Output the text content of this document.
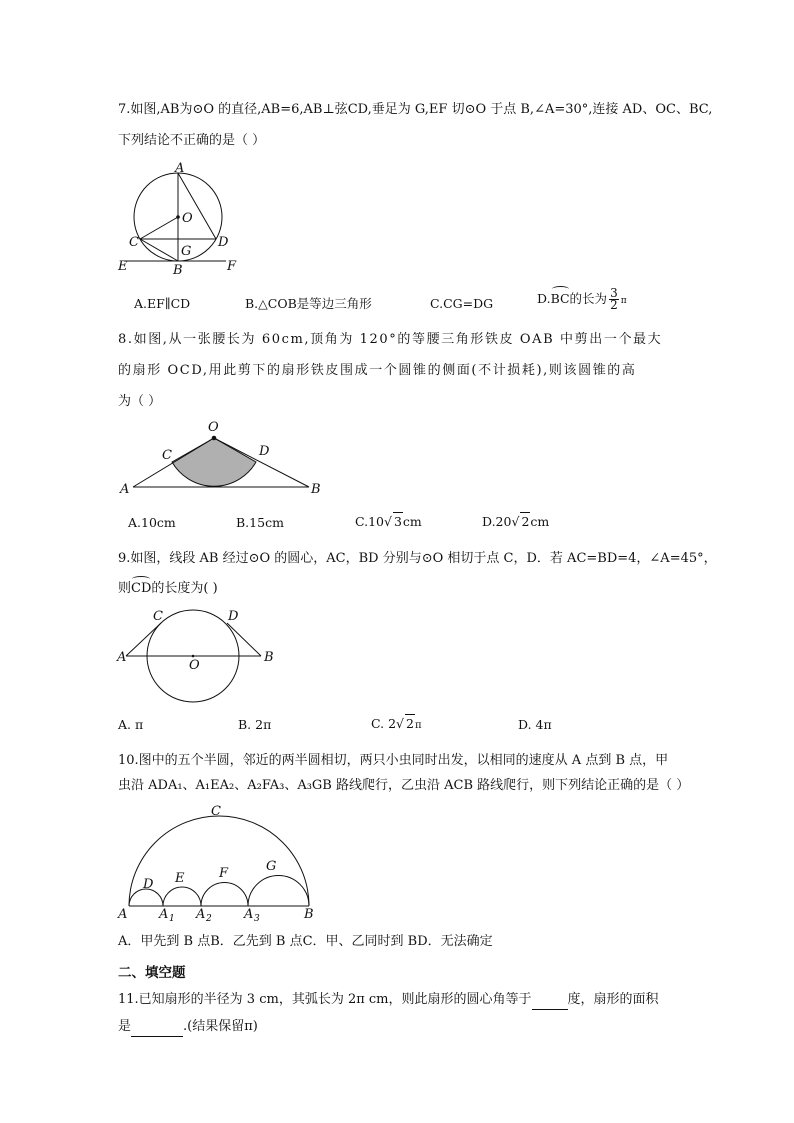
7.如图,AB为⊙O 的直径,AB=6,AB⊥弦CD,垂足为 G,EF 切⊙O 于点 B,∠A=30°,连接 AD、OC、BC,
下列结论不正确的是（ ）
A
O
C	D
G
E	B	F
A.EF∥CD	B.△COB是等边三角形	C.CG=DG	D.BC的长为 $\frac{3}{2}$ π
8.如图,从一张腰长为 60cm,顶角为 120°的等腰三角形铁皮 OAB 中剪出一个最大
的扇形 OCD,用此剪下的扇形铁皮围成一个圆锥的侧面(不计损耗),则该圆锥的高
为（ ）
O
C	D
A	B
A.10cm	B.15cm	C.10√ 3cm	D.20√ 2cm
9.如图，线段 AB 经过⊙O 的圆心，AC，BD 分别与⊙O 相切于点 C，D．若 AC=BD=4，∠A=45°，
则CD的长度为( )
C	D
A
O
B
A. π	B. 2π	C. 2√ 2π	D. 4π
10.图中的五个半圆，邻近的两半圆相切，两只小虫同时出发，以相同的速度从 A 点到 B 点，甲
虫沿 ADA₁、A₁EA₂、A₂FA₃、A₃GB 路线爬行，乙虫沿 ACB 路线爬行，则下列结论正确的是（ ）
C
D E	F	G
A A 1 A 2 A 3	B
A．甲先到 B 点B．乙先到 B 点C．甲、乙同时到 BD．无法确定
二、填空题
11.已知扇形的半径为 3 cm，其弧长为 2π cm，则此扇形的圆心角等于	度，扇形的面积
是	.(结果保留π)
